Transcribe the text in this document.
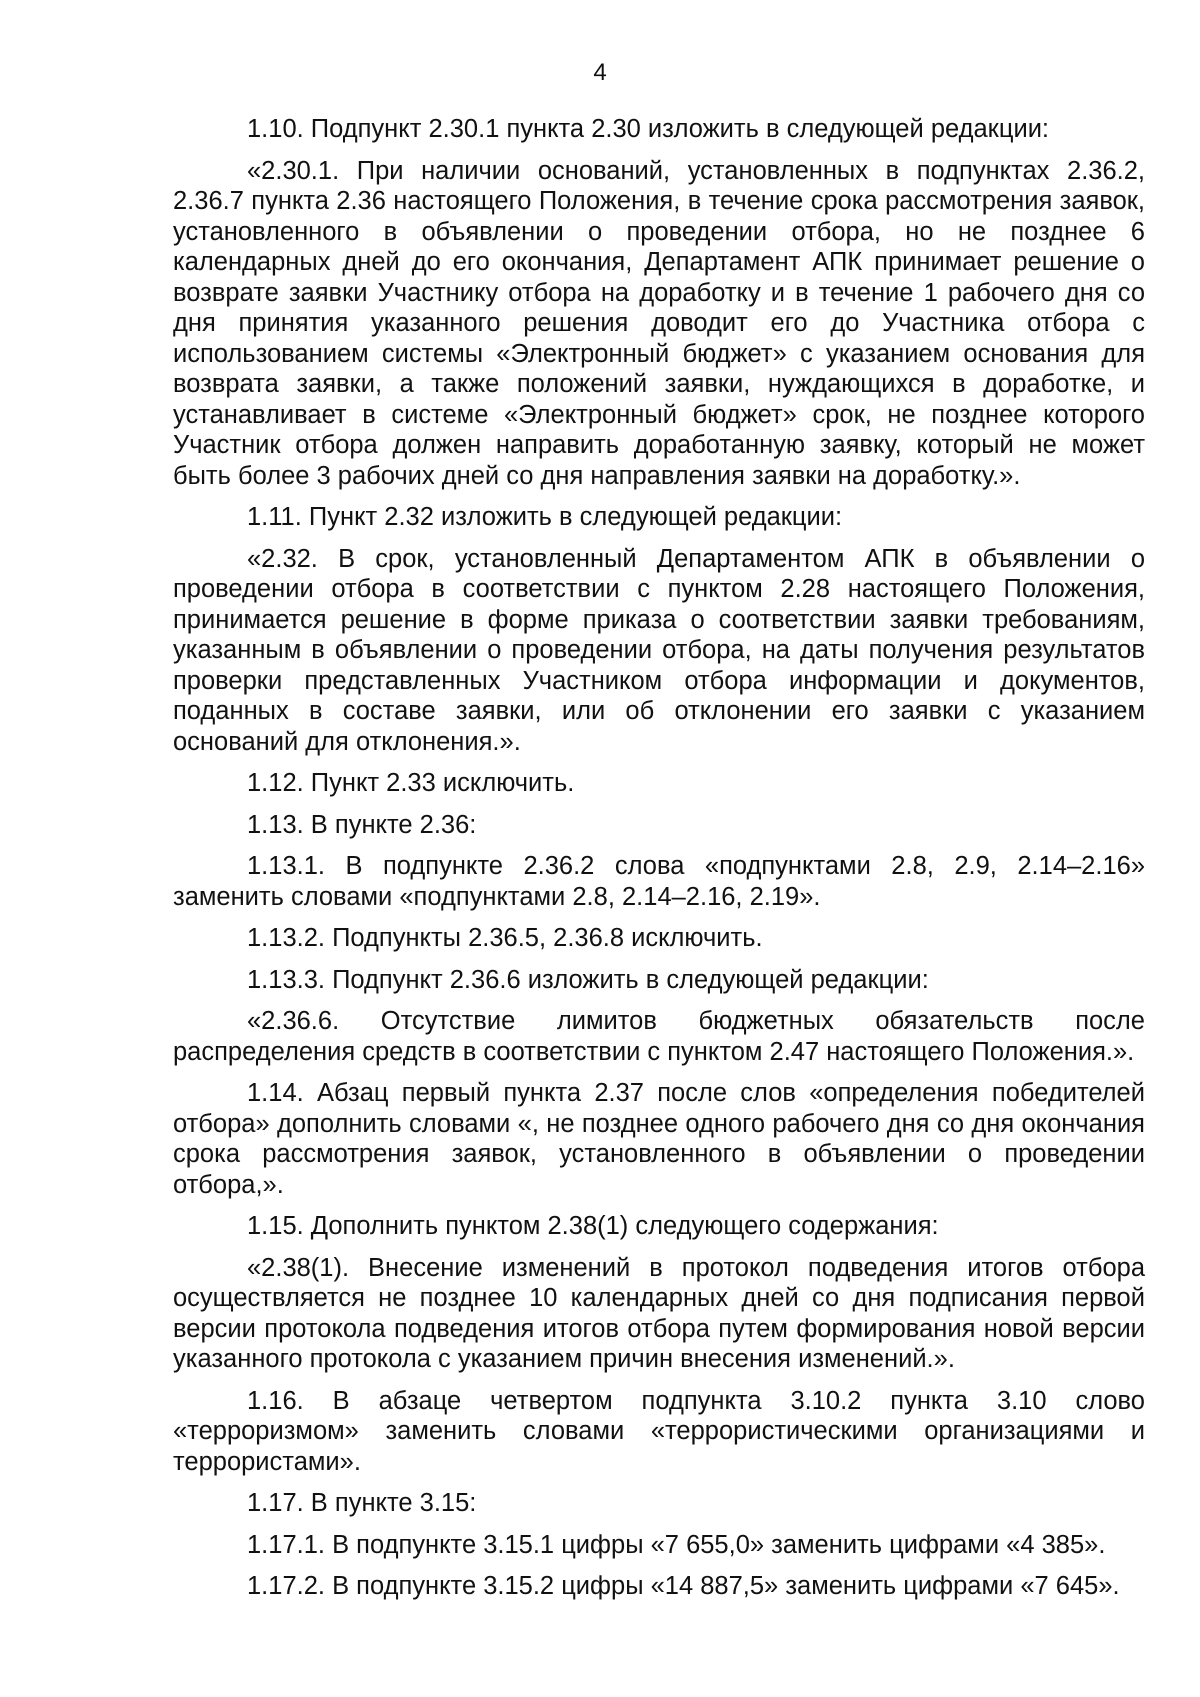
4

1.10. Подпункт 2.30.1 пункта 2.30 изложить в следующей редакции:

«2.30.1. При наличии оснований, установленных в подпунктах 2.36.2, 2.36.7 пункта 2.36 настоящего Положения, в течение срока рассмотрения заявок, установленного в объявлении о проведении отбора, но не позднее 6 календарных дней до его окончания, Департамент АПК принимает решение о возврате заявки Участнику отбора на доработку и в течение 1 рабочего дня со дня принятия указанного решения доводит его до Участника отбора с использованием системы «Электронный бюджет» с указанием основания для возврата заявки, а также положений заявки, нуждающихся в доработке, и устанавливает в системе «Электронный бюджет» срок, не позднее которого Участник отбора должен направить доработанную заявку, который не может быть более 3 рабочих дней со дня направления заявки на доработку.».

1.11. Пункт 2.32 изложить в следующей редакции:

«2.32. В срок, установленный Департаментом АПК в объявлении о проведении отбора в соответствии с пунктом 2.28 настоящего Положения, принимается решение в форме приказа о соответствии заявки требованиям, указанным в объявлении о проведении отбора, на даты получения результатов проверки представленных Участником отбора информации и документов, поданных в составе заявки, или об отклонении его заявки с указанием оснований для отклонения.».

1.12. Пункт 2.33 исключить.

1.13. В пункте 2.36:

1.13.1. В подпункте 2.36.2 слова «подпунктами 2.8, 2.9, 2.14–2.16» заменить словами «подпунктами 2.8, 2.14–2.16, 2.19».

1.13.2. Подпункты 2.36.5, 2.36.8 исключить.

1.13.3. Подпункт 2.36.6 изложить в следующей редакции:

«2.36.6. Отсутствие лимитов бюджетных обязательств после распределения средств в соответствии с пунктом 2.47 настоящего Положения.».

1.14. Абзац первый пункта 2.37 после слов «определения победителей отбора» дополнить словами «, не позднее одного рабочего дня со дня окончания срока рассмотрения заявок, установленного в объявлении о проведении отбора,».

1.15. Дополнить пунктом 2.38(1) следующего содержания:

«2.38(1). Внесение изменений в протокол подведения итогов отбора осуществляется не позднее 10 календарных дней со дня подписания первой версии протокола подведения итогов отбора путем формирования новой версии указанного протокола с указанием причин внесения изменений.».

1.16. В абзаце четвертом подпункта 3.10.2 пункта 3.10 слово «терроризмом» заменить словами «террористическими организациями и террористами».

1.17. В пункте 3.15:

1.17.1. В подпункте 3.15.1 цифры «7 655,0» заменить цифрами «4 385».

1.17.2. В подпункте 3.15.2 цифры «14 887,5» заменить цифрами «7 645».
